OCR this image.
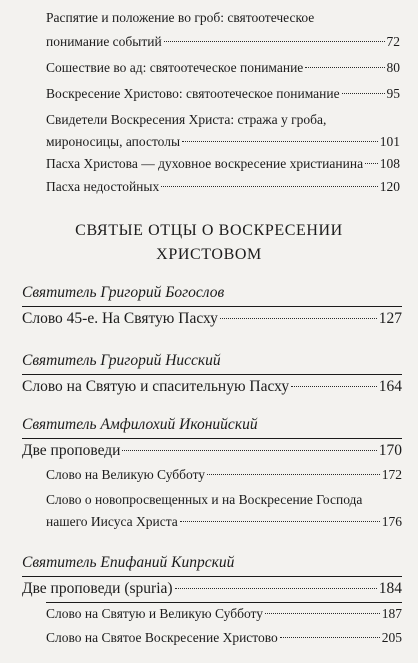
Распятие и положение во гроб: святоотеческое
понимание событий	72
Сошествие во ад: святоотеческое понимание	80
Воскресение Христово: святоотеческое понимание	95
Свидетели Воскресения Христа: стража у гроба,
мироносицы, апостолы	101
Пасха Христова — духовное воскресение христианина 108
Пасха недостойных	120
СВЯТЫЕ ОТЦЫ О ВОСКРЕСЕНИИ
ХРИСТОВОМ
Святитель Григорий Богослов
Слово 45-е. На Святую Пасху	127
Святитель Григорий Нисский
Слово на Святую и спасительную Пасху	164
Святитель Амфилохий Иконийский
Две проповеди	170
Слово на Великую Субботу	172
Слово о новопросвещенных и на Воскресение Господа
нашего Иисуса Христа	176
Святитель Епифаний Кипрский
Две проповеди (spuria)	184
Слово на Святую и Великую Субботу	187
Слово на Святое Воскресение Христово	205
